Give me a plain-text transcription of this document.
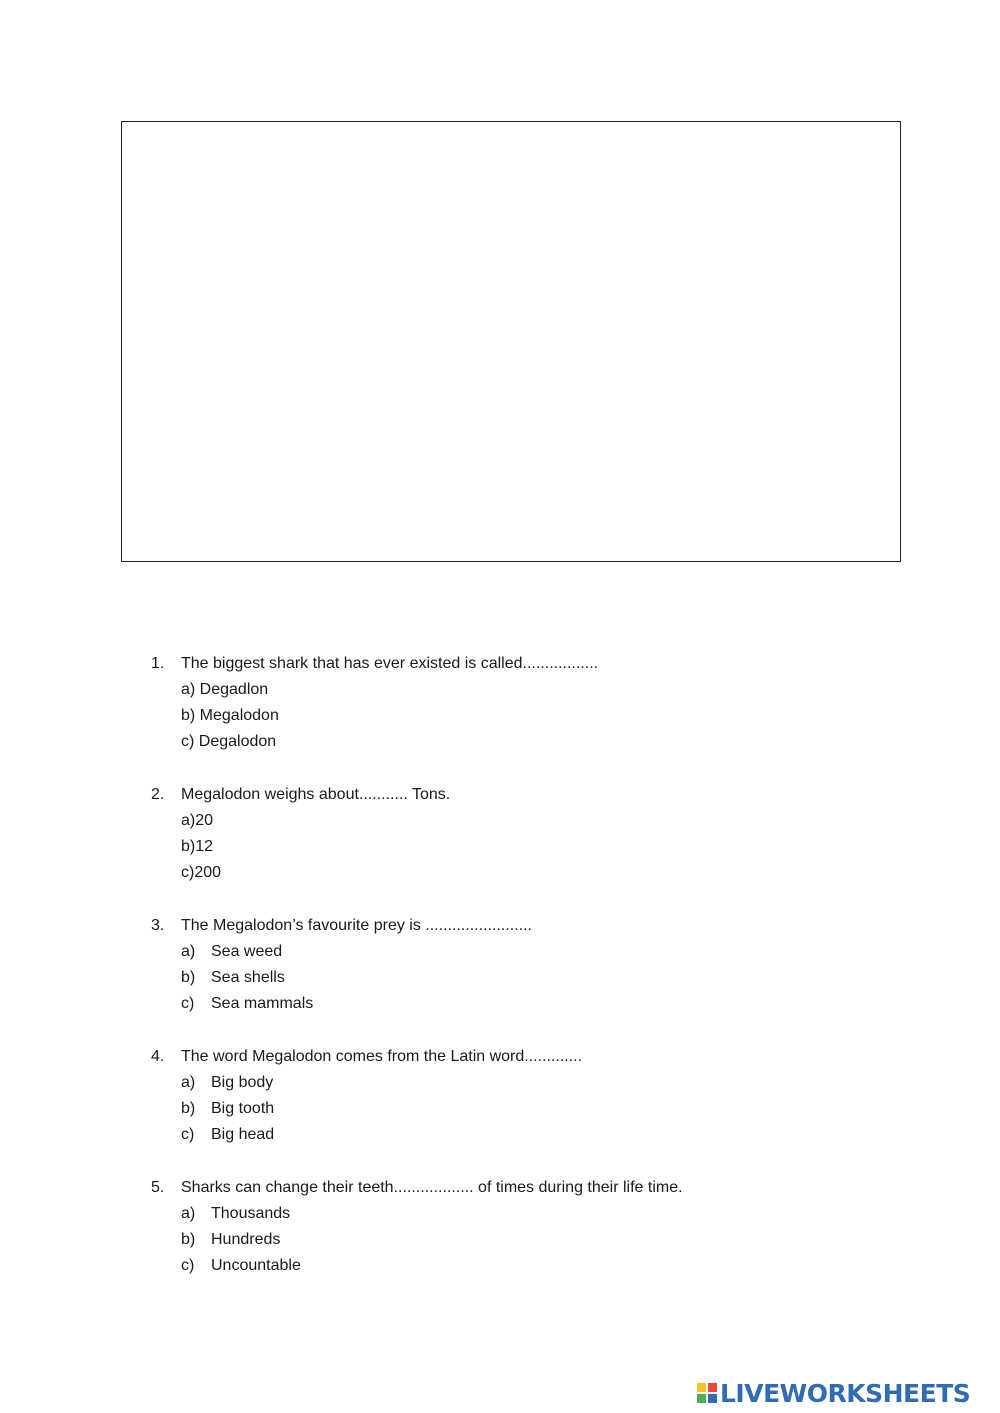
1. The biggest shark that has ever existed is called.................
a) Degadlon
b) Megalodon
c) Degalodon
2. Megalodon weighs about........... Tons.
a)20
b)12
c)200
3. The Megalodon’s favourite prey is ........................
a) Sea weed
b) Sea shells
c) Sea mammals
4. The word Megalodon comes from the Latin word.............
a) Big body
b) Big tooth
c) Big head
5. Sharks can change their teeth.................. of times during their life time.
a) Thousands
b) Hundreds
c) Uncountable
LIVEWORKSHEETS
